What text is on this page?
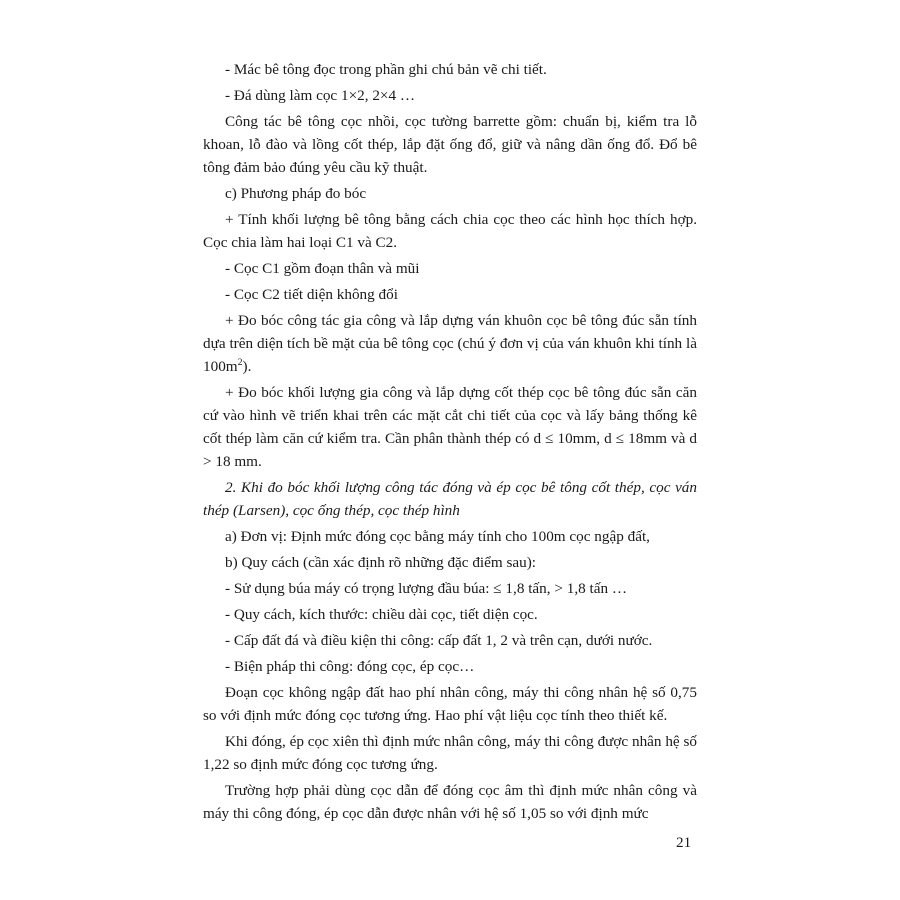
- Mác bê tông đọc trong phần ghi chú bản vẽ chi tiết.

- Đá dùng làm cọc 1×2, 2×4 …

Công tác bê tông cọc nhồi, cọc tường barrette gồm: chuẩn bị, kiểm tra lỗ khoan, lỗ đào và lồng cốt thép, lắp đặt ống đổ, giữ và nâng dần ống đổ. Đổ bê tông đảm bảo đúng yêu cầu kỹ thuật.

c) Phương pháp đo bóc

+ Tính khối lượng bê tông bằng cách chia cọc theo các hình học thích hợp. Cọc chia làm hai loại C1 và C2.

- Cọc C1 gồm đoạn thân và mũi

- Cọc C2 tiết diện không đổi

+ Đo bóc công tác gia công và lắp dựng ván khuôn cọc bê tông đúc sẵn tính dựa trên diện tích bề mặt của bê tông cọc (chú ý đơn vị của ván khuôn khi tính là $100m^2$).

+ Đo bóc khối lượng gia công và lắp dựng cốt thép cọc bê tông đúc sẵn căn cứ vào hình vẽ triển khai trên các mặt cắt chi tiết của cọc và lấy bảng thống kê cốt thép làm căn cứ kiểm tra. Cần phân thành thép có d ≤ 10mm, d ≤ 18mm và d > 18 mm.

2. Khi đo bóc khối lượng công tác đóng và ép cọc bê tông cốt thép, cọc ván thép (Larsen), cọc ống thép, cọc thép hình

a) Đơn vị: Định mức đóng cọc bằng máy tính cho 100m cọc ngập đất,

b) Quy cách (cần xác định rõ những đặc điểm sau):

- Sử dụng búa máy có trọng lượng đầu búa: ≤ 1,8 tấn, > 1,8 tấn …

- Quy cách, kích thước: chiều dài cọc, tiết diện cọc.

- Cấp đất đá và điều kiện thi công: cấp đất 1, 2 và trên cạn, dưới nước.

- Biện pháp thi công: đóng cọc, ép cọc…

Đoạn cọc không ngập đất hao phí nhân công, máy thi công nhân hệ số 0,75 so với định mức đóng cọc tương ứng. Hao phí vật liệu cọc tính theo thiết kế.

Khi đóng, ép cọc xiên thì định mức nhân công, máy thi công được nhân hệ số 1,22 so định mức đóng cọc tương ứng.

Trường hợp phải dùng cọc dẫn để đóng cọc âm thì định mức nhân công và máy thi công đóng, ép cọc dẫn được nhân với hệ số 1,05 so với định mức

21
